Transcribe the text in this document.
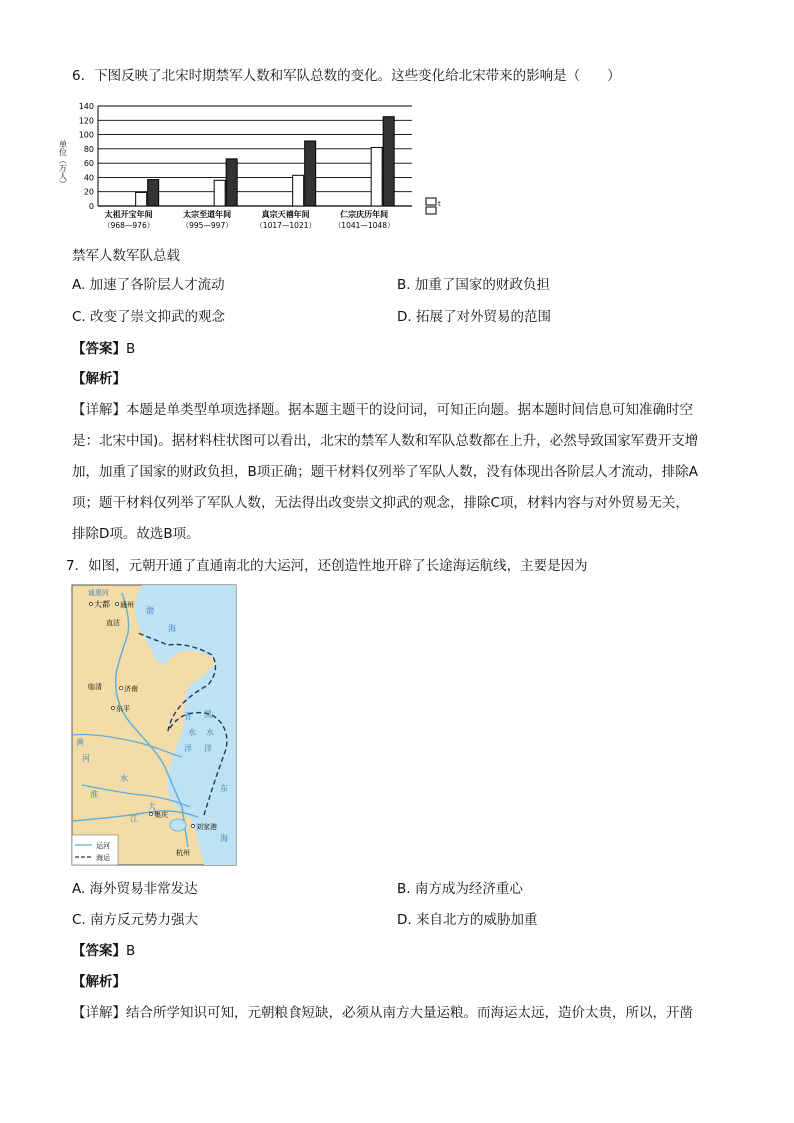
6．下图反映了北宋时期禁军人数和军队总数的变化。这些变化给北宋带来的影响是（　　）
0
20
40
60
80
100
120
140
太祖开宝年间
（968—976）
太宗至道年间
（995—997）
真宗天禧年间
（1017—1021）
仁宗庆历年间
（1041—1048）
单位（万人）
t
禁军人数军队总载
A. 加速了各阶层人才流动	B. 加重了国家的财政负担
C. 改变了崇文抑武的观念	D. 拓展了对外贸易的范围
【答案】B
【解析】
【详解】本题是单类型单项选择题。据本题主题干的设问词，可知正向题。据本题时间信息可知准确时空
是：北宋中国)。据材料柱状图可以看出，北宋的禁军人数和军队总数都在上升，必然导致国家军费开支增
加，加重了国家的财政负担，B项正确；题干材料仅列举了军队人数，没有体现出各阶层人才流动，排除A
项；题干材料仅列举了军队人数，无法得出改变崇文抑武的观念，排除C项，材料内容与对外贸易无关，
排除D项。故选B项。
7．如图，元朝开通了直通南北的大运河，还创造性地开辟了长途海运航线，主要是因为
通惠河
大都 通州
直沽
临清	济南
东平
集庆
刘家港
杭州
渤
海
青 黑
水 水
洋 洋
东
海
黄
河
淮
水
大
江
运河
海运
A. 海外贸易非常发达	B. 南方成为经济重心
C. 南方反元势力强大	D. 来自北方的威胁加重
【答案】B
【解析】
【详解】结合所学知识可知，元朝粮食短缺，必须从南方大量运粮。而海运太远，造价太贵，所以，开凿
